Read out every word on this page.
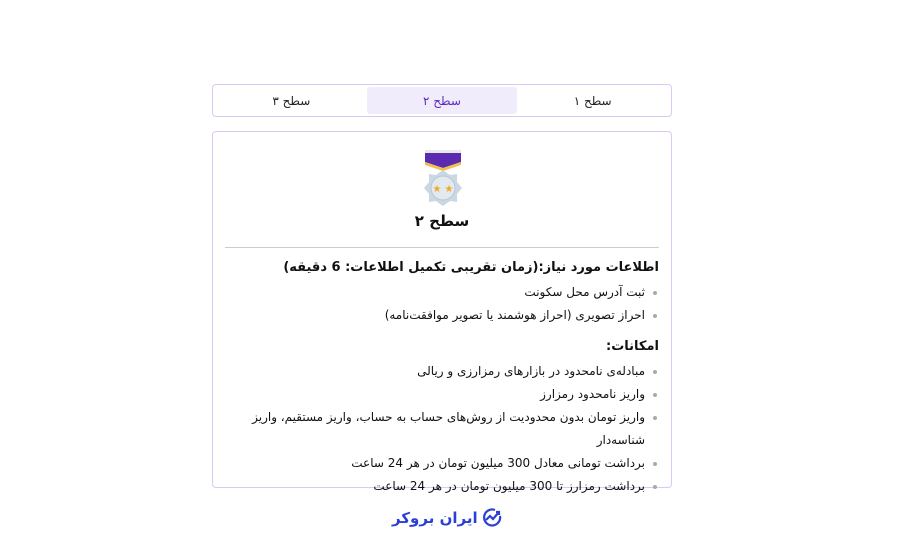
سطح ۱
سطح ۲
سطح ۳
★ ★
سطح ۲
اطلاعات مورد نیاز:(زمان تقریبی تکمیل اطلاعات: 6 دقیقه)
ثبت آدرس محل سکونت
احراز تصویری (احراز هوشمند یا تصویر موافقت‌نامه)
امکانات:
مبادله‌ی نامحدود در بازارهای رمزارزی و ریالی
واریز نامحدود رمزارز
واریز تومان بدون محدودیت از روش‌های حساب به حساب، واریز مستقیم، واریز شناسه‌دار
برداشت تومانی معادل 300 میلیون تومان در هر 24 ساعت
برداشت رمزارز تا 300 میلیون تومان در هر 24 ساعت
ایران بروکر
